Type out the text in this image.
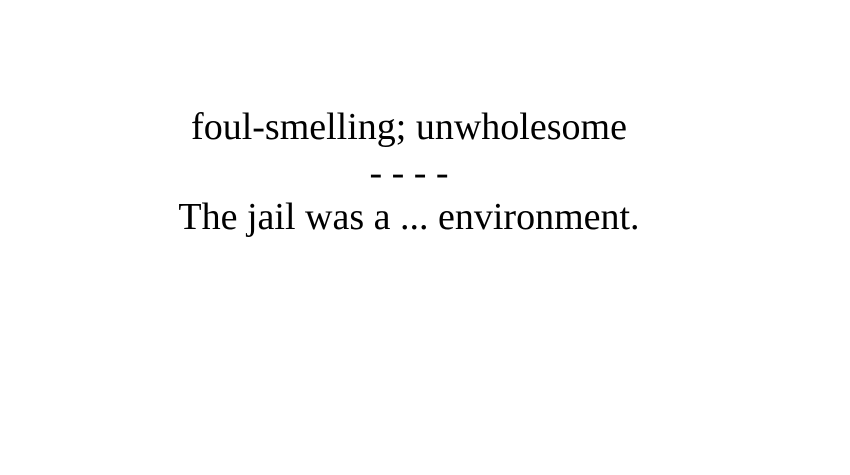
foul-smelling; unwholesome
- - - -
The jail was a ... environment.
